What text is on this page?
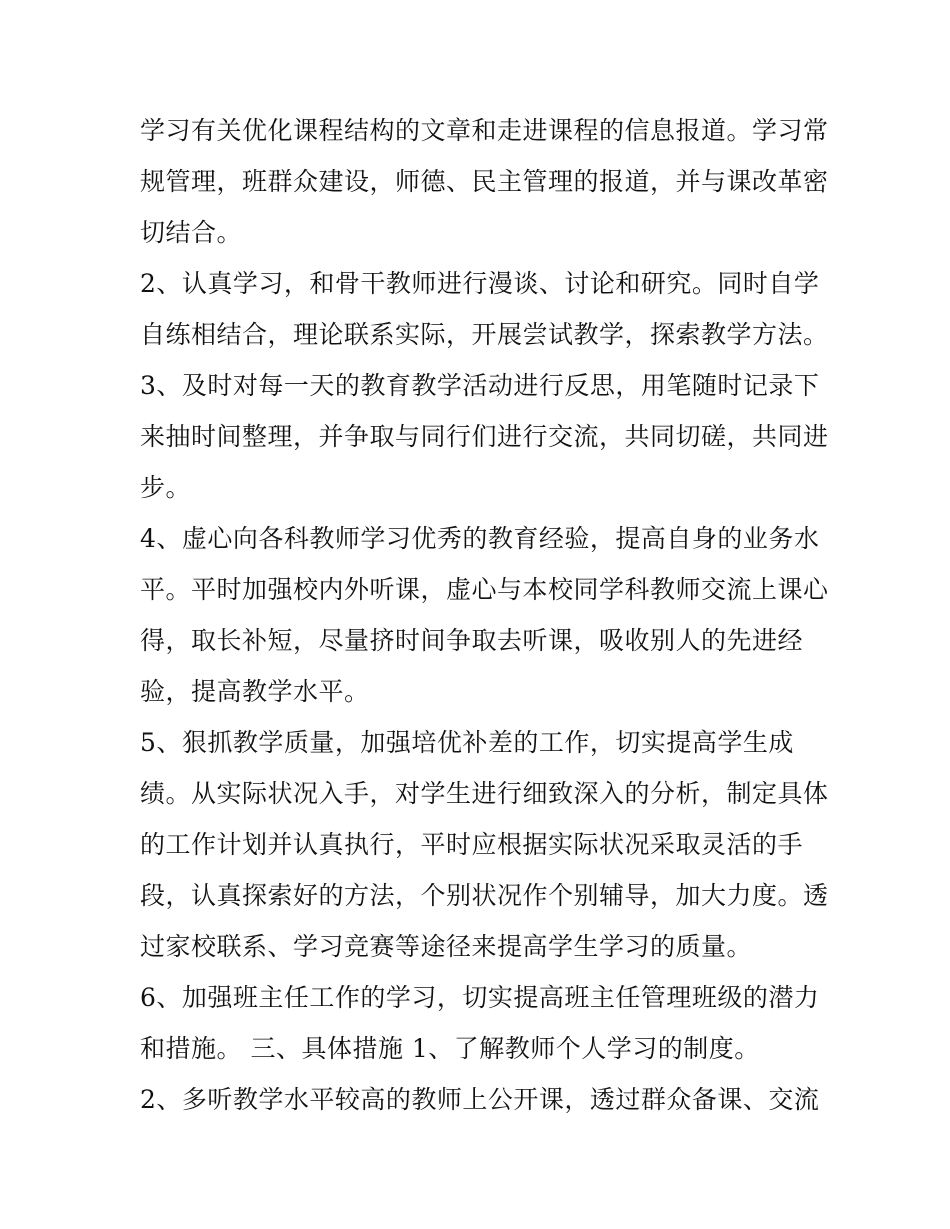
学习有关优化课程结构的文章和走进课程的信息报道。学习常
规管理，班群众建设，师德、民主管理的报道，并与课改革密
切结合。
2、认真学习，和骨干教师进行漫谈、讨论和研究。同时自学
自练相结合，理论联系实际，开展尝试教学，探索教学方法。
3、及时对每一天的教育教学活动进行反思，用笔随时记录下
来抽时间整理，并争取与同行们进行交流，共同切磋，共同进
步。
4、虚心向各科教师学习优秀的教育经验，提高自身的业务水
平。平时加强校内外听课，虚心与本校同学科教师交流上课心
得，取长补短，尽量挤时间争取去听课，吸收别人的先进经
验，提高教学水平。
5、狠抓教学质量，加强培优补差的工作，切实提高学生成
绩。从实际状况入手，对学生进行细致深入的分析，制定具体
的工作计划并认真执行，平时应根据实际状况采取灵活的手
段，认真探索好的方法，个别状况作个别辅导，加大力度。透
过家校联系、学习竞赛等途径来提高学生学习的质量。
6、加强班主任工作的学习，切实提高班主任管理班级的潜力
和措施。 三、具体措施 1、了解教师个人学习的制度。
2、多听教学水平较高的教师上公开课，透过群众备课、交流
